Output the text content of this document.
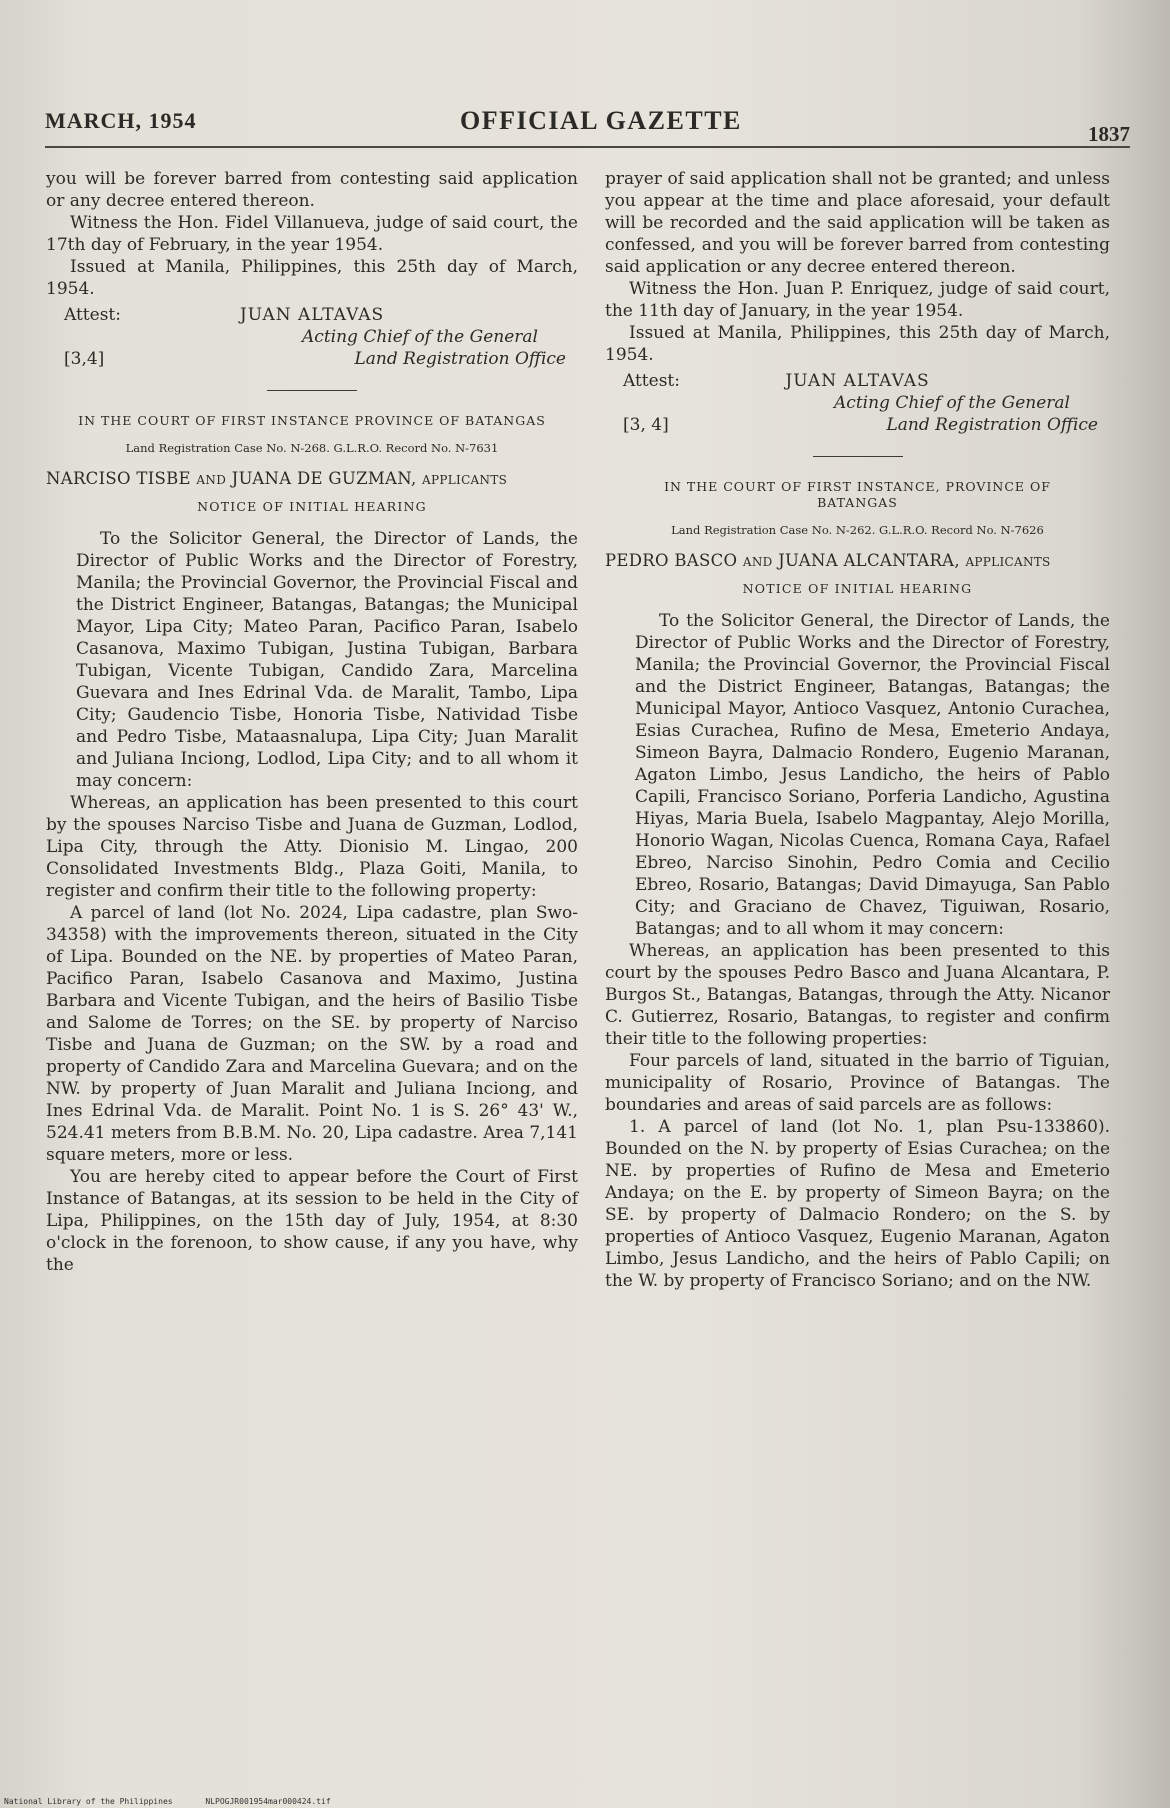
MARCH, 1954	OFFICIAL GAZETTE	1837

you will be forever barred from contesting said application or any decree entered thereon.

Witness the Hon. Fidel Villanueva, judge of said court, the 17th day of February, in the year 1954.

Issued at Manila, Philippines, this 25th day of March, 1954.

Attest:	JUAN ALTAVAS
Acting Chief of the General
[3,4]	Land Registration Office
IN THE COURT OF FIRST INSTANCE PROVINCE OF BATANGAS
Land Registration Case No. N-268. G.L.R.O. Record No. N-7631
NARCISO TISBE and JUANA DE GUZMAN, applicants
NOTICE OF INITIAL HEARING

To the Solicitor General, the Director of Lands, the Director of Public Works and the Director of Forestry, Manila; the Provincial Governor, the Provincial Fiscal and the District Engineer, Batangas, Batangas; the Municipal Mayor, Lipa City; Mateo Paran, Pacifico Paran, Isabelo Casanova, Maximo Tubigan, Justina Tubigan, Barbara Tubigan, Vicente Tubigan, Candido Zara, Marcelina Guevara and Ines Edrinal Vda. de Maralit, Tambo, Lipa City; Gaudencio Tisbe, Honoria Tisbe, Natividad Tisbe and Pedro Tisbe, Mataasnalupa, Lipa City; Juan Maralit and Juliana Inciong, Lodlod, Lipa City; and to all whom it may concern:

Whereas, an application has been presented to this court by the spouses Narciso Tisbe and Juana de Guzman, Lodlod, Lipa City, through the Atty. Dionisio M. Lingao, 200 Consolidated Investments Bldg., Plaza Goiti, Manila, to register and confirm their title to the following property:

A parcel of land (lot No. 2024, Lipa cadastre, plan Swo-34358) with the improvements thereon, situated in the City of Lipa. Bounded on the NE. by properties of Mateo Paran, Pacifico Paran, Isabelo Casanova and Maximo, Justina Barbara and Vicente Tubigan, and the heirs of Basilio Tisbe and Salome de Torres; on the SE. by property of Narciso Tisbe and Juana de Guzman; on the SW. by a road and property of Candido Zara and Marcelina Guevara; and on the NW. by property of Juan Maralit and Juliana Inciong, and Ines Edrinal Vda. de Maralit. Point No. 1 is S. 26° 43' W., 524.41 meters from B.B.M. No. 20, Lipa cadastre. Area 7,141 square meters, more or less.

You are hereby cited to appear before the Court of First Instance of Batangas, at its session to be held in the City of Lipa, Philippines, on the 15th day of July, 1954, at 8:30 o'clock in the forenoon, to show cause, if any you have, why the

prayer of said application shall not be granted; and unless you appear at the time and place aforesaid, your default will be recorded and the said application will be taken as confessed, and you will be forever barred from contesting said application or any decree entered thereon.

Witness the Hon. Juan P. Enriquez, judge of said court, the 11th day of January, in the year 1954.

Issued at Manila, Philippines, this 25th day of March, 1954.

Attest:	JUAN ALTAVAS
Acting Chief of the General
[3, 4]	Land Registration Office
IN THE COURT OF FIRST INSTANCE, PROVINCE OF BATANGAS
Land Registration Case No. N-262. G.L.R.O. Record No. N-7626
PEDRO BASCO and JUANA ALCANTARA, applicants
NOTICE OF INITIAL HEARING

To the Solicitor General, the Director of Lands, the Director of Public Works and the Director of Forestry, Manila; the Provincial Governor, the Provincial Fiscal and the District Engineer, Batangas, Batangas; the Municipal Mayor, Antioco Vasquez, Antonio Curachea, Esias Curachea, Rufino de Mesa, Emeterio Andaya, Simeon Bayra, Dalmacio Rondero, Eugenio Maranan, Agaton Limbo, Jesus Landicho, the heirs of Pablo Capili, Francisco Soriano, Porferia Landicho, Agustina Hiyas, Maria Buela, Isabelo Magpantay, Alejo Morilla, Honorio Wagan, Nicolas Cuenca, Romana Caya, Rafael Ebreo, Narciso Sinohin, Pedro Comia and Cecilio Ebreo, Rosario, Batangas; David Dimayuga, San Pablo City; and Graciano de Chavez, Tiguiwan, Rosario, Batangas; and to all whom it may concern:

Whereas, an application has been presented to this court by the spouses Pedro Basco and Juana Alcantara, P. Burgos St., Batangas, Batangas, through the Atty. Nicanor C. Gutierrez, Rosario, Batangas, to register and confirm their title to the following properties:

Four parcels of land, situated in the barrio of Tiguian, municipality of Rosario, Province of Batangas. The boundaries and areas of said parcels are as follows:

1. A parcel of land (lot No. 1, plan Psu-133860). Bounded on the N. by property of Esias Curachea; on the NE. by properties of Rufino de Mesa and Emeterio Andaya; on the E. by property of Simeon Bayra; on the SE. by property of Dalmacio Rondero; on the S. by properties of Antioco Vasquez, Eugenio Maranan, Agaton Limbo, Jesus Landicho, and the heirs of Pablo Capili; on the W. by property of Francisco Soriano; and on the NW.

National Library of the Philippines	NLPOGJR001954mar000424.tif
